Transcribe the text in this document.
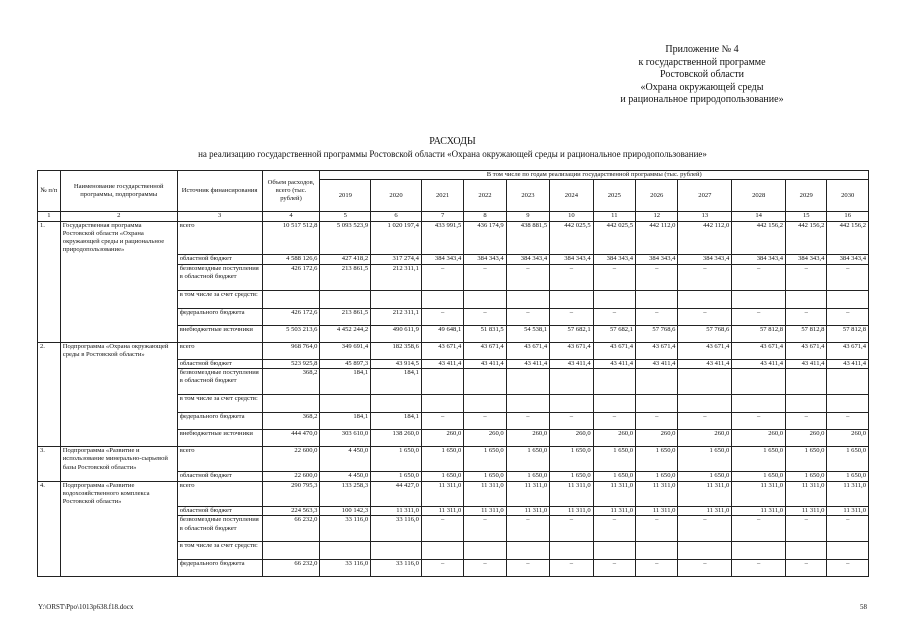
Приложение № 4
к государственной программе
Ростовской области
«Охрана окружающей среды
и рациональное природопользование»
РАСХОДЫ
на реализацию государственной программы Ростовской области «Охрана окружающей среды и рациональное природопользование»
№ п/п	Наименование государственной программы, подпрограммы	Источник финансирования	Объем расходов, всего (тыс. рублей)	В том числе по годам реализации государственной программы (тыс. рублей)											
				2019	2020	2021	2022	2023	2024	2025	2026	2027	2028	2029	2030
1	2	3	4	5	6	7	8	9	10	11	12	13	14	15	16
1.	Государственная программа Ростовской области «Охрана окружающей среды и рациональное природопользование»	всего	10 517 512,8	5 093 523,9	1 020 197,4	433 991,5	436 174,9	438 881,5	442 025,5	442 025,5	442 112,0	442 112,0	442 156,2	442 156,2	442 156,2
		областной бюджет	4 588 126,6	427 418,2	317 274,4	384 343,4	384 343,4	384 343,4	384 343,4	384 343,4	384 343,4	384 343,4	384 343,4	384 343,4	384 343,4
		безвозмездные поступления в областной бюджет	426 172,6	213 861,5	212 311,1	–	–	–	–	–	–	–	–	–	–
		в том числе за счет средств:													
		федерального бюджета	426 172,6	213 861,5	212 311,1	–	–	–	–	–	–	–	–	–	–
		внебюджетные источники	5 503 213,6	4 452 244,2	490 611,9	49 648,1	51 831,5	54 538,1	57 682,1	57 682,1	57 768,6	57 768,6	57 812,8	57 812,8	57 812,8
2.	Подпрограмма «Охрана окружающей среды в Ростовской области»	всего	968 764,0	349 691,4	182 358,6	43 671,4	43 671,4	43 671,4	43 671,4	43 671,4	43 671,4	43 671,4	43 671,4	43 671,4	43 671,4
		областной бюджет	523 925,8	45 897,3	43 914,5	43 411,4	43 411,4	43 411,4	43 411,4	43 411,4	43 411,4	43 411,4	43 411,4	43 411,4	43 411,4
		безвозмездные поступления в областной бюджет	368,2	184,1	184,1										
		в том числе за счет средств:													
		федерального бюджета	368,2	184,1	184,1	–	–	–	–	–	–	–	–	–	–
		внебюджетные источники	444 470,0	303 610,0	138 260,0	260,0	260,0	260,0	260,0	260,0	260,0	260,0	260,0	260,0	260,0
3.	Подпрограмма «Развитие и использование минерально-сырьевой базы Ростовской области»	всего	22 600,0	4 450,0	1 650,0	1 650,0	1 650,0	1 650,0	1 650,0	1 650,0	1 650,0	1 650,0	1 650,0	1 650,0	1 650,0
		областной бюджет	22 600,0	4 450,0	1 650,0	1 650,0	1 650,0	1 650,0	1 650,0	1 650,0	1 650,0	1 650,0	1 650,0	1 650,0	1 650,0
4.	Подпрограмма «Развитие водохозяйственного комплекса Ростовской области»	всего	290 795,3	133 258,3	44 427,0	11 311,0	11 311,0	11 311,0	11 311,0	11 311,0	11 311,0	11 311,0	11 311,0	11 311,0	11 311,0
		областной бюджет	224 563,3	100 142,3	11 311,0	11 311,0	11 311,0	11 311,0	11 311,0	11 311,0	11 311,0	11 311,0	11 311,0	11 311,0	11 311,0
		безвозмездные поступления в областной бюджет	66 232,0	33 116,0	33 116,0	–	–	–	–	–	–	–	–	–	–
		в том числе за счет средств:													
		федерального бюджета	66 232,0	33 116,0	33 116,0	–	–	–	–	–	–	–	–	–	–
Y:\ORST\Ppo\1013p638.f18.docx	58
